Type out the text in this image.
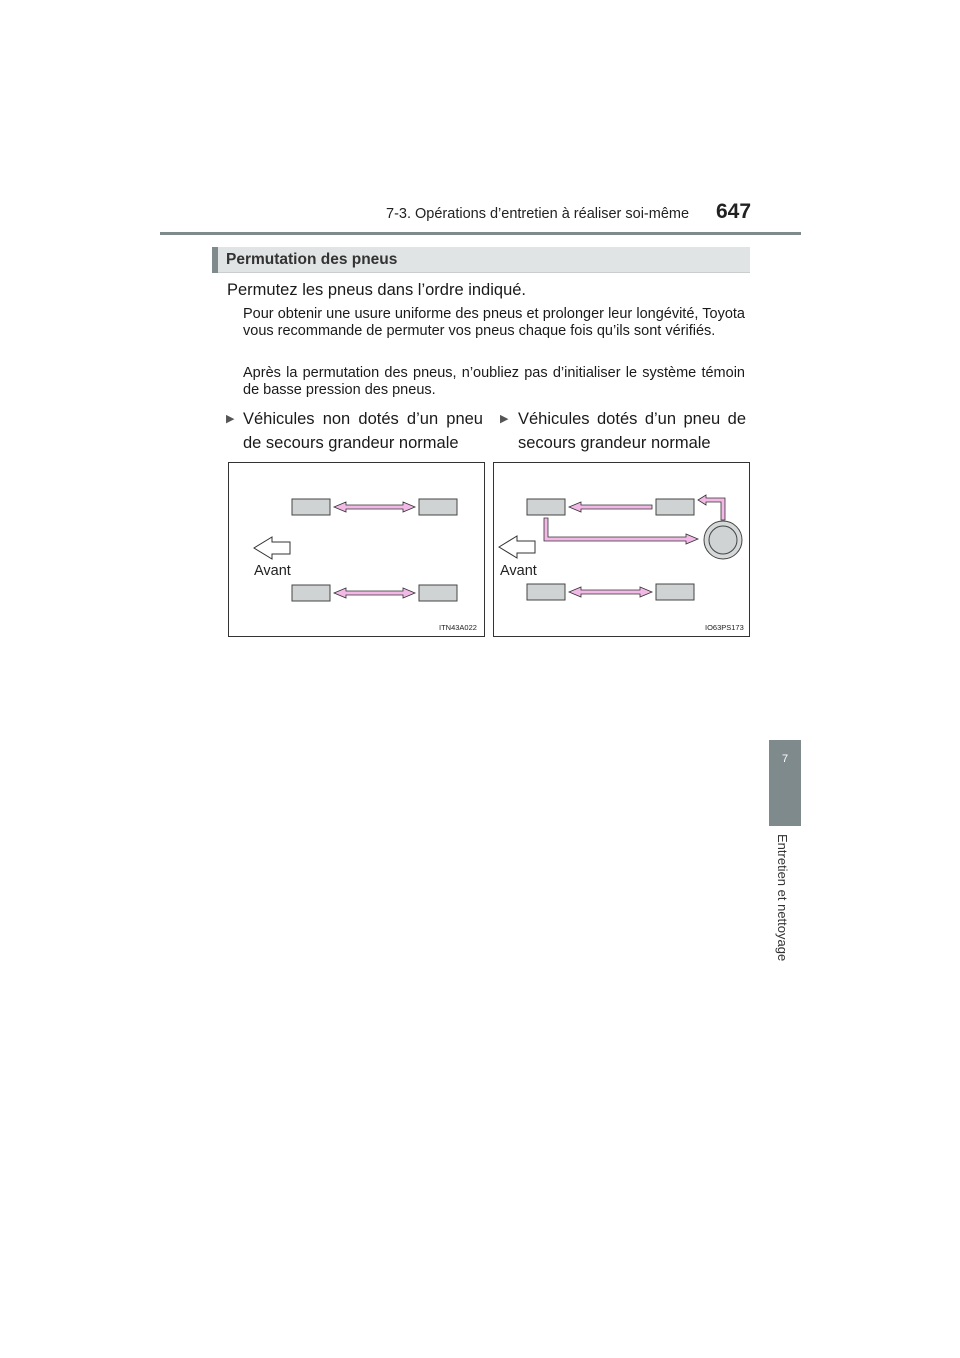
7-3. Opérations d’entretien à réaliser soi-même 647
Permutation des pneus
Permutez les pneus dans l’ordre indiqué.

Pour obtenir une usure uniforme des pneus et prolonger leur longévité, Toyota vous recommande de permuter vos pneus chaque fois qu’ils sont vérifiés.

Après la permutation des pneus, n’oubliez pas d’initialiser le système témoin de basse pression des pneus.

▶ Véhicules non dotés d’un pneu de secours grandeur normale
▶ Véhicules dotés d’un pneu de secours grandeur normale
Avant
ITN43A022
Avant
IO63PS173
7
Entretien et nettoyage
